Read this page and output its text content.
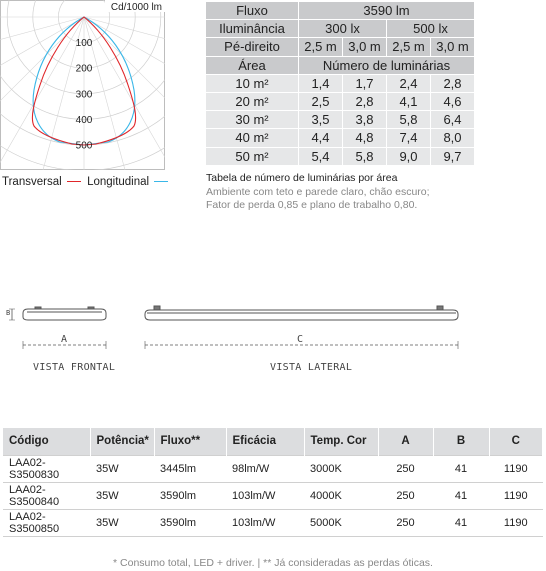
100
200
300
400
500
Cd/1000 lm
Transversal Longitudinal
Fluxo	3590 lm			
Iluminância	300 lx		500 lx	
Pé-direito	2,5 m	3,0 m	2,5 m	3,0 m
Área	Número de luminárias			
10 m²	1,4	1,7	2,4	2,8
20 m²	2,5	2,8	4,1	4,6
30 m²	3,5	3,8	5,8	6,4
40 m²	4,4	4,8	7,4	8,0
50 m²	5,4	5,8	9,0	9,7
Tabela de número de luminárias por área
Ambiente com teto e parede claro, chão escuro;
Fator de perda 0,85 e plano de trabalho 0,80.
B
A	C
VISTA FRONTAL	VISTA LATERAL
Código	Potência*	Fluxo**	Eficácia	Temp. Cor	A	B	C
LAA02-S3500830	35W	3445lm	98lm/W	3000K	250	41	1190
LAA02-S3500840	35W	3590lm	103lm/W	4000K	250	41	1190
LAA02-S3500850	35W	3590lm	103lm/W	5000K	250	41	1190
* Consumo total, LED + driver. | ** Já consideradas as perdas óticas.
